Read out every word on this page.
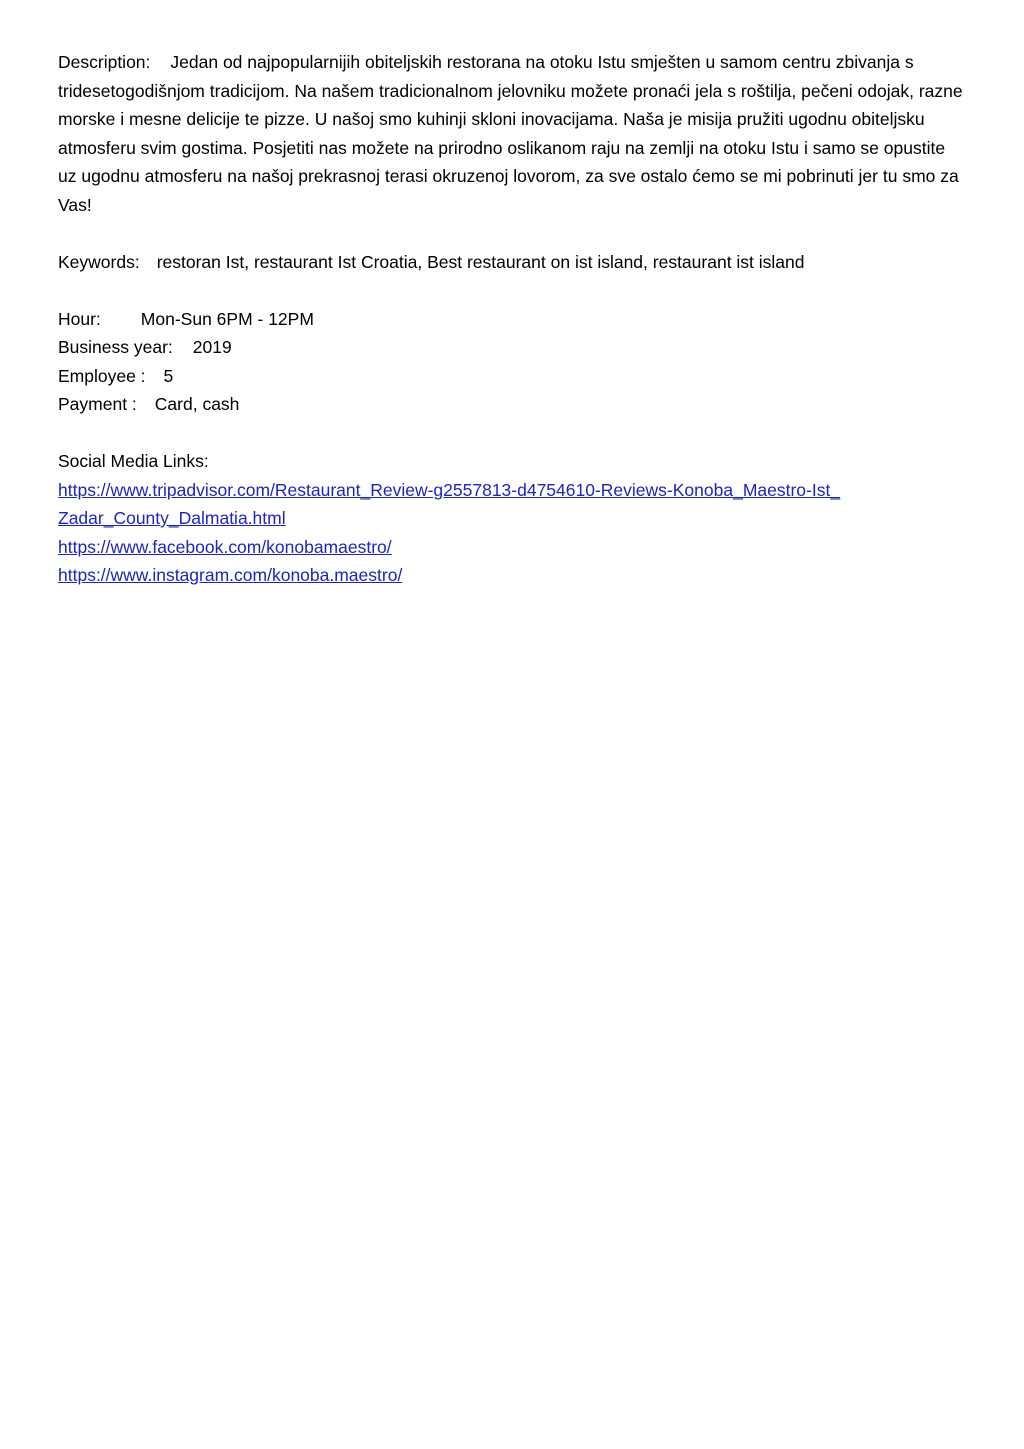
Description: Jedan od najpopularnijih obiteljskih restorana na otoku Istu smješten u samom centru zbivanja s tridesetogodišnjom tradicijom. Na našem tradicionalnom jelovniku možete pronaći jela s roštilja, pečeni odojak, razne morske i mesne delicije te pizze. U našoj smo kuhinji skloni inovacijama. Naša je misija pružiti ugodnu obiteljsku atmosferu svim gostima. Posjetiti nas možete na prirodno oslikanom raju na zemlji na otoku Istu i samo se opustite uz ugodnu atmosferu na našoj prekrasnoj terasi okruzenoj lovorom, za sve ostalo ćemo se mi pobrinuti jer tu smo za Vas!

Keywords: restoran Ist, restaurant Ist Croatia, Best restaurant on ist island, restaurant ist island

Hour: Mon-Sun 6PM - 12PM
Business year: 2019
Employee : 5
Payment : Card, cash
Social Media Links:
https://www.tripadvisor.com/Restaurant_Review-g2557813-d4754610-Reviews-Konoba_Maestro-Ist_Zadar_County_Dalmatia.html
https://www.facebook.com/konobamaestro/
https://www.instagram.com/konoba.maestro/
